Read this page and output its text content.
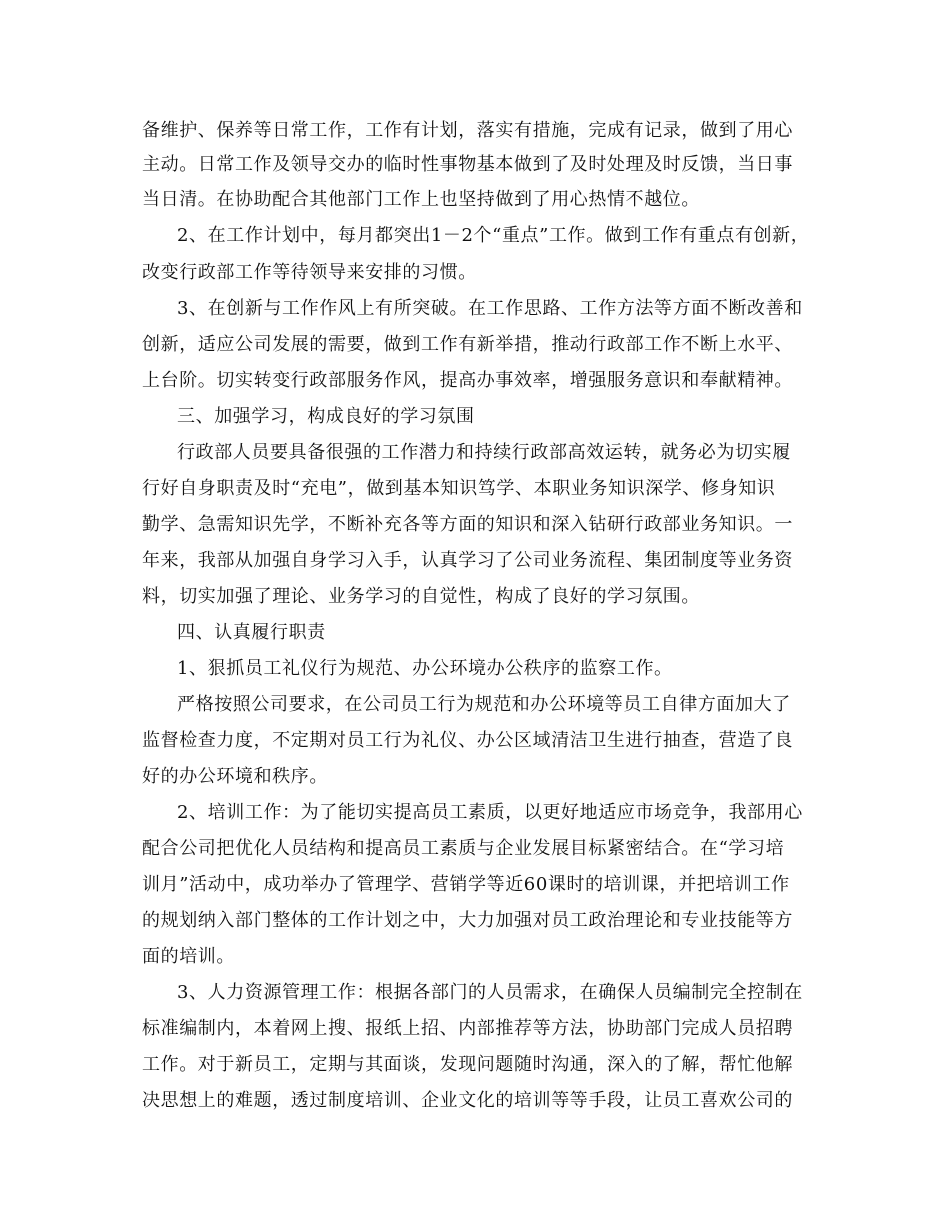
备维护、保养等日常工作，工作有计划，落实有措施，完成有记录，做到了用心
主动。日常工作及领导交办的临时性事物基本做到了及时处理及时反馈，当日事
当日清。在协助配合其他部门工作上也坚持做到了用心热情不越位。
2、在工作计划中，每月都突出1－2个“重点”工作。做到工作有重点有创新，
改变行政部工作等待领导来安排的习惯。
3、在创新与工作作风上有所突破。在工作思路、工作方法等方面不断改善和
创新，适应公司发展的需要，做到工作有新举措，推动行政部工作不断上水平、
上台阶。切实转变行政部服务作风，提高办事效率，增强服务意识和奉献精神。
三、加强学习，构成良好的学习氛围
行政部人员要具备很强的工作潜力和持续行政部高效运转，就务必为切实履
行好自身职责及时“充电”，做到基本知识笃学、本职业务知识深学、修身知识
勤学、急需知识先学，不断补充各等方面的知识和深入钻研行政部业务知识。一
年来，我部从加强自身学习入手，认真学习了公司业务流程、集团制度等业务资
料，切实加强了理论、业务学习的自觉性，构成了良好的学习氛围。
四、认真履行职责
1、狠抓员工礼仪行为规范、办公环境办公秩序的监察工作。
严格按照公司要求，在公司员工行为规范和办公环境等员工自律方面加大了
监督检查力度，不定期对员工行为礼仪、办公区域清洁卫生进行抽查，营造了良
好的办公环境和秩序。
2、培训工作：为了能切实提高员工素质，以更好地适应市场竞争，我部用心
配合公司把优化人员结构和提高员工素质与企业发展目标紧密结合。在“学习培
训月”活动中，成功举办了管理学、营销学等近60课时的培训课，并把培训工作
的规划纳入部门整体的工作计划之中，大力加强对员工政治理论和专业技能等方
面的培训。
3、人力资源管理工作：根据各部门的人员需求，在确保人员编制完全控制在
标准编制内，本着网上搜、报纸上招、内部推荐等方法，协助部门完成人员招聘
工作。对于新员工，定期与其面谈，发现问题随时沟通，深入的了解，帮忙他解
决思想上的难题，透过制度培训、企业文化的培训等等手段，让员工喜欢公司的
